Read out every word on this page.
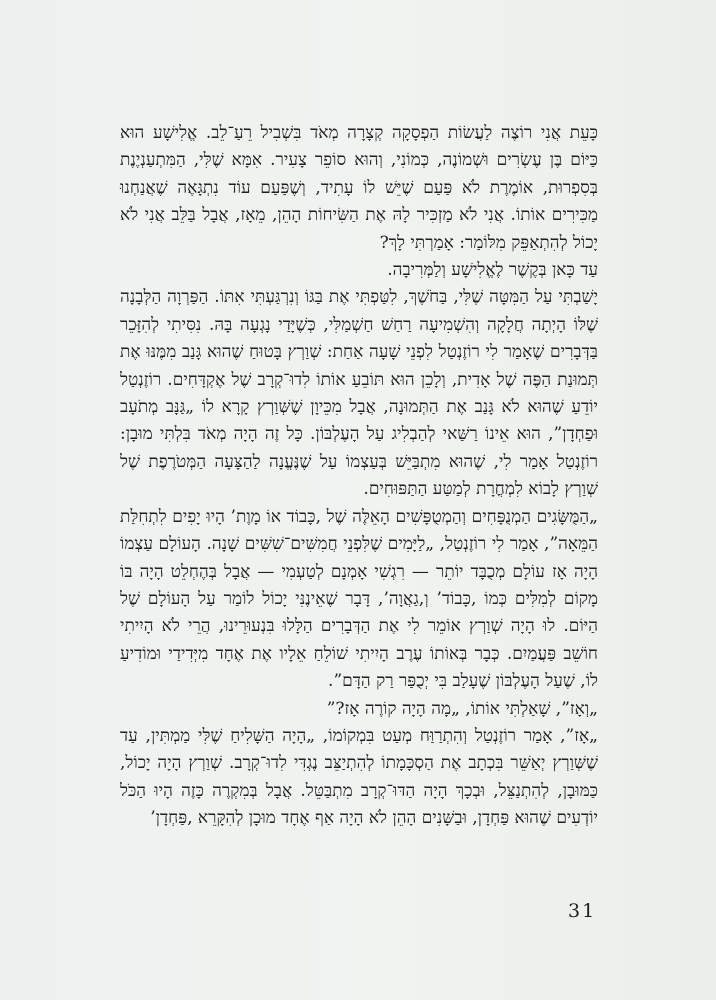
כָּעֵת אֲנִי רוֹצֶה לַעֲשׂוֹת הַפְסָקָה קְצָרָה מְאֹד בִּשְׁבִיל רֵעַ־לֵב. אֱלִישָׁע הוּא כַּיּוֹם בֶּן עֶשְׂרִים וּשְׁמוֹנֶה, כְּמוֹנִי, וְהוּא סוֹפֵר צָעִיר. אִמָּא שֶׁלִּי, הַמִּתְעַנְיֶנֶת בְּסִפְרוּת, אוֹמֶרֶת לֹא פַּעַם שֶׁיֵּשׁ לוֹ עָתִיד, וְשֶׁפַּעַם עוֹד נִתְגָּאֶה שֶׁאֲנַחְנוּ מַכִּירִים אוֹתוֹ. אֲנִי לֹא מַזְכִּיר לָהּ אֶת הַשִּׂיחוֹת הָהֵן, מֵאָז, אֲבָל בַּלֵּב אֲנִי לֹא יָכוֹל לְהִתְאַפֵּק מִלּוֹמַר: אָמַרְתִּי לָךְ?

עַד כָּאן בְּקֶשֶׁר לֶאֱלִישָׁע וְלַמְּרִיבָה.

יָשַׁבְתִּי עַל הַמִּטָּה שֶׁלִּי, בַּחֹשֶׁךְ, לִטַּפְתִּי אֶת בַּגּוֹ וְנִרְגַּעְתִּי אִתּוֹ. הַפַּרְוָה הַלְּבָנָה שֶׁלּוֹ הָיְתָה חֲלָקָה וְהִשְׁמִיעָה רַחַשׁ חַשְׁמַלִּי, כְּשֶׁיָּדַי נָגְעָה בָּהּ. נִסִּיתִי לְהִזָּכֵר בַּדְּבָרִים שֶׁאָמַר לִי רוֹזֶנְטַל לִפְנֵי שָׁעָה אַחַת: שְׁוַרְץ בָּטוּחַ שֶׁהוּא גָּנַב מִמֶּנּוּ אֶת תְּמוּנַת הַפֶּה שֶׁל אָדִית, וְלָכֵן הוּא תּוֹבֵעַ אוֹתוֹ לִדוּ־קְרָב שֶׁל אֶקְדָּחִים. רוֹזֶנְטַל יוֹדֵעַ שֶׁהוּא לֹא גָּנַב אֶת הַתְּמוּנָה, אֲבָל מִכֵּיוָן שֶׁשְּׁוַרְץ קָרָא לוֹ „גַּנָּב מְתֹעָב וּפַחְדָן”, הוּא אֵינוֹ רַשַּׁאי לְהַבְלִיג עַל הָעֶלְבּוֹן. כָּל זֶה הָיָה מְאֹד בִּלְתִּי מוּבָן: רוֹזֶנְטַל אָמַר לִי, שֶׁהוּא מִתְבַּיֵּשׁ בְּעַצְמוֹ עַל שֶׁנֶּעֱנָה לַהַצָּעָה הַמְּטֹרֶפֶת שֶׁל שְׁוַרְץ לָבוֹא לִמְחֳרָת לְמַטַּע הַתַּפּוּחִים.

„הַמֻּשָּׂגִים הַמְנֻפָּחִים וְהַמְטֻפָּשִׁים הָאֵלֶּה שֶׁל ‚כָּבוֹד אוֹ מָוֶת’ הָיוּ יָפִים לִתְחִלַּת הַמֵּאָה”, אָמַר לִי רוֹזֶנְטַל, „לַיָּמִים שֶׁלִּפְנֵי חֲמִשִּׁים־שִׁשִּׁים שָׁנָה. הָעוֹלָם עַצְמוֹ הָיָה אָז עוֹלָם מְכֻבָּד יוֹתֵר — רִגְשִׁי אָמְנָם לְטַעְמִי — אֲבָל בְּהֶחְלֵט הָיָה בּוֹ מָקוֹם לְמִלִּים כְּמוֹ ‚כָּבוֹד’ וְ‚גַאֲוָה’, דָּבָר שֶׁאֵינֶנִּי יָכוֹל לוֹמַר עַל הָעוֹלָם שֶׁל הַיּוֹם. לוּ הָיָה שְׁוַרְץ אוֹמֵר לִי אֶת הַדְּבָרִים הַלָּלוּ בִּנְעוּרֵינוּ, הֲרֵי לֹא הָיִיתִי חוֹשֵׁב פַּעֲמַיִם. כְּבָר בְּאוֹתוֹ עֶרֶב הָיִיתִי שׁוֹלֵחַ אֵלָיו אֶת אֶחָד מִיְּדִידַי וּמוֹדִיעַ לוֹ, שֶׁעַל הָעֶלְבּוֹן שֶׁעָלַב בִּי יְכֻפַּר רַק הַדָּם”.

„וְאָז”, שָׁאַלְתִּי אוֹתוֹ, „מָה הָיָה קוֹרֶה אָז?”

„אָז”, אָמַר רוֹזֶנְטַל וְהִתְרַוַּח מְעַט בִּמְקוֹמוֹ, „הָיָה הַשָּׁלִיחַ שֶׁלִּי מַמְתִּין, עַד שֶׁשְּׁוַרְץ יְאַשֵּׁר בִּכְתָב אֶת הַסְכָּמָתוֹ לְהִתְיַצֵּב נֶגְדִּי לִדוּ־קְרָב. שְׁוַרְץ הָיָה יָכוֹל, כַּמּוּבָן, לְהִתְנַצֵּל, וּבְכָךְ הָיָה הַדּוּ־קְרָב מִתְבַּטֵּל. אֲבָל בְּמִקְרֶה כָּזֶה הָיוּ הַכֹּל יוֹדְעִים שֶׁהוּא פַּחְדָן, וּבַשָּׁנִים הָהֵן לֹא הָיָה אַף אֶחָד מוּכָן לְהִקָּרֵא ‚פַּחְדָן’

31
